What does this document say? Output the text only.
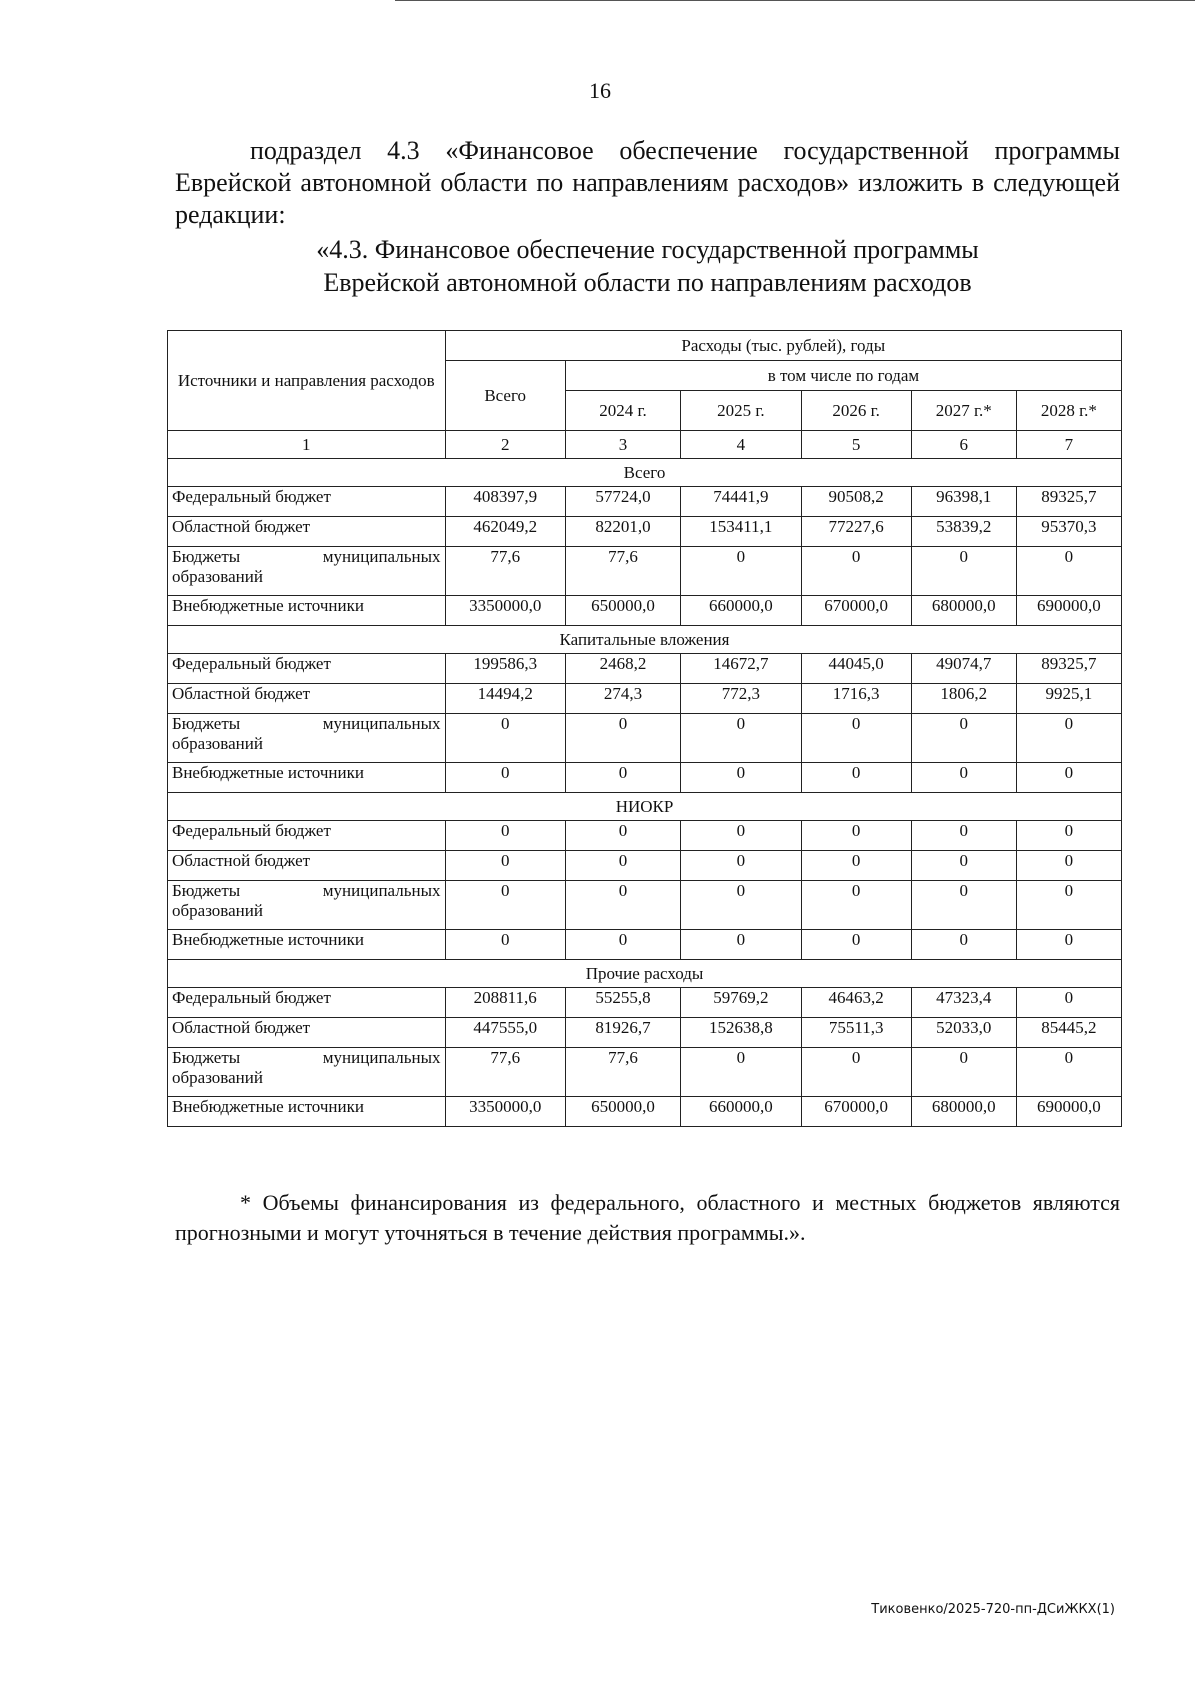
16

подраздел 4.3 «Финансовое обеспечение государственной программы Еврейской автономной области по направлениям расходов» изложить в следующей редакции:

«4.3. Финансовое обеспечение государственной программы
Еврейской автономной области по направлениям расходов
Источники и направления расходов	Расходы (тыс. рублей), годы					
	Всего	в том числе по годам				
		2024 г.	2025 г.	2026 г.	2027 г.*	2028 г.*
1	2	3	4	5	6	7
Всего						
Федеральный бюджет	408397,9	57724,0	74441,9	90508,2	96398,1	89325,7
Областной бюджет	462049,2	82201,0	153411,1	77227,6	53839,2	95370,3

Бюджеты муниципальных
образований	77,6	77,6	0	0	0	0
Внебюджетные источники	3350000,0	650000,0	660000,0	670000,0	680000,0	690000,0
Капитальные вложения						
Федеральный бюджет	199586,3	2468,2	14672,7	44045,0	49074,7	89325,7
Областной бюджет	14494,2	274,3	772,3	1716,3	1806,2	9925,1

Бюджеты муниципальных
образований	0	0	0	0	0	0
Внебюджетные источники	0	0	0	0	0	0
НИОКР						
Федеральный бюджет	0	0	0	0	0	0
Областной бюджет	0	0	0	0	0	0

Бюджеты муниципальных
образований	0	0	0	0	0	0
Внебюджетные источники	0	0	0	0	0	0
Прочие расходы						
Федеральный бюджет	208811,6	55255,8	59769,2	46463,2	47323,4	0
Областной бюджет	447555,0	81926,7	152638,8	75511,3	52033,0	85445,2

Бюджеты муниципальных
образований	77,6	77,6	0	0	0	0
Внебюджетные источники	3350000,0	650000,0	660000,0	670000,0	680000,0	690000,0

* Объемы финансирования из федерального, областного и местных бюджетов являются прогнозными и могут уточняться в течение действия программы.».

Тиковенко/2025-720-пп-ДСиЖКХ(1)
